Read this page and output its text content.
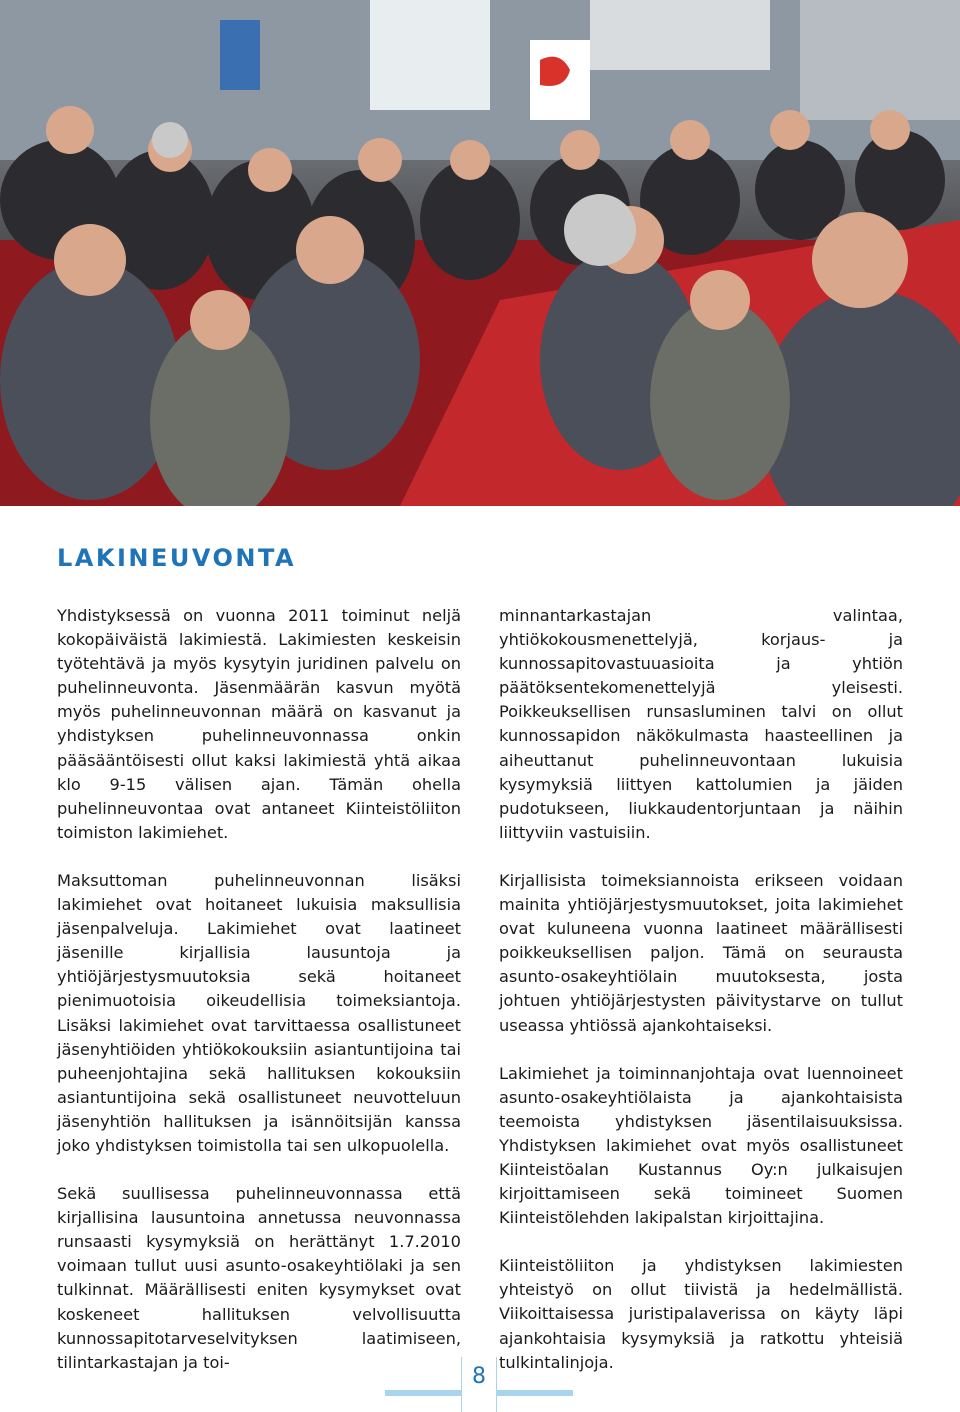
LAKINEUVONTA

Yhdistyksessä on vuonna 2011 toiminut neljä kokopäiväistä lakimiestä. Lakimiesten keskeisin työtehtävä ja myös kysytyin juridinen palvelu on puhelinneuvonta. Jäsenmäärän kasvun myötä myös puhelinneuvonnan määrä on kasvanut ja yhdistyksen puhelinneuvonnassa onkin pääsääntöisesti ollut kaksi lakimiestä yhtä aikaa klo 9-15 välisen ajan. Tämän ohella puhelinneuvontaa ovat antaneet Kiinteistöliiton toimiston lakimiehet.

Maksuttoman puhelinneuvonnan lisäksi lakimiehet ovat hoitaneet lukuisia maksullisia jäsenpalveluja. Lakimiehet ovat laatineet jäsenille kirjallisia lausuntoja ja yhtiöjärjestysmuutoksia sekä hoitaneet pienimuotoisia oikeudellisia toimeksiantoja. Lisäksi lakimiehet ovat tarvittaessa osallistuneet jäsenyhtiöiden yhtiökokouksiin asiantuntijoina tai puheenjohtajina sekä hallituksen kokouksiin asiantuntijoina sekä osallistuneet neuvotteluun jäsenyhtiön hallituksen ja isännöitsijän kanssa joko yhdistyksen toimistolla tai sen ulkopuolella.

Sekä suullisessa puhelinneuvonnassa että kirjallisina lausuntoina annetussa neuvonnassa runsaasti kysymyksiä on herättänyt 1.7.2010 voimaan tullut uusi asunto-osakeyhtiölaki ja sen tulkinnat. Määrällisesti eniten kysymykset ovat koskeneet hallituksen velvollisuutta kunnossapitotarveselvityksen laatimiseen, tilintarkastajan ja toi-

minnantarkastajan valintaa, yhtiökokousmenettelyjä, korjaus- ja kunnossapitovastuuasioita ja yhtiön päätöksentekomenettelyjä yleisesti. Poikkeuksellisen runsasluminen talvi on ollut kunnossapidon näkökulmasta haasteellinen ja aiheuttanut puhelinneuvontaan lukuisia kysymyksiä liittyen kattolumien ja jäiden pudotukseen, liukkaudentorjuntaan ja näihin liittyviin vastuisiin.

Kirjallisista toimeksiannoista erikseen voidaan mainita yhtiöjärjestysmuutokset, joita lakimiehet ovat kuluneena vuonna laatineet määrällisesti poikkeuksellisen paljon. Tämä on seurausta asunto-osakeyhtiölain muutoksesta, josta johtuen yhtiöjärjestysten päivitystarve on tullut useassa yhtiössä ajankohtaiseksi.

Lakimiehet ja toiminnanjohtaja ovat luennoineet asunto-osakeyhtiölaista ja ajankohtaisista teemoista yhdistyksen jäsentilaisuuksissa. Yhdistyksen lakimiehet ovat myös osallistuneet Kiinteistöalan Kustannus Oy:n julkaisujen kirjoittamiseen sekä toimineet Suomen Kiinteistölehden lakipalstan kirjoittajina.

Kiinteistöliiton ja yhdistyksen lakimiesten yhteistyö on ollut tiivistä ja hedelmällistä. Viikoittaisessa juristipalaverissa on käyty läpi ajankohtaisia kysymyksiä ja ratkottu yhteisiä tulkintalinjoja.

8
